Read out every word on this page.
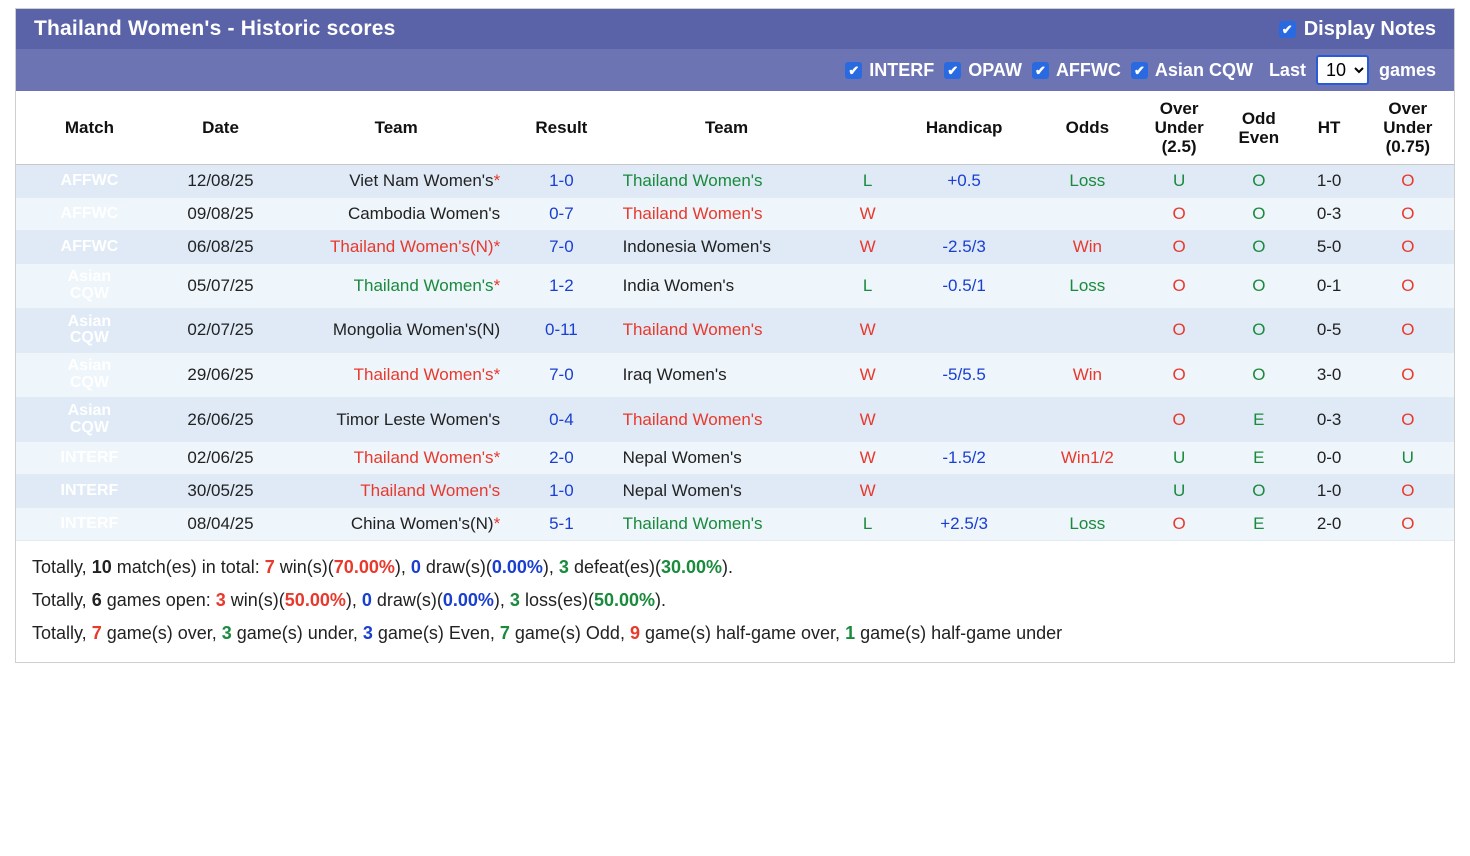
Thailand Women's - Historic scores	✔ Display Notes
✔ INTERF ✔ OPAW ✔ AFFWC ✔ Asian CQW Last
10	games
Match	Date	Team	Result	Team		Handicap	Odds	
Over
Under
(2.5)

Odd
Even
	HT	
Over
Under
(0.75)

AFFWC	12/08/25	Viet Nam Women's*	1-0	Thailand Women's	L	+0.5	Loss	U	O	1-0	O
AFFWC	09/08/25	Cambodia Women's	0-7	Thailand Women's	W			O	O	0-3	O
AFFWC	06/08/25	Thailand Women's(N)*	7-0	Indonesia Women's	W	-2.5/3	Win	O	O	5-0	O
Asian
CQW	05/07/25	Thailand Women's*	1-2	India Women's	L	-0.5/1	Loss	O	O	0-1	O
Asian
CQW	02/07/25	Mongolia Women's(N)	0-11	Thailand Women's	W			O	O	0-5	O
Asian
CQW	29/06/25	Thailand Women's*	7-0	Iraq Women's	W	-5/5.5	Win	O	O	3-0	O
Asian
CQW	26/06/25	Timor Leste Women's	0-4	Thailand Women's	W			O	E	0-3	O
INTERF	02/06/25	Thailand Women's*	2-0	Nepal Women's	W	-1.5/2	Win1/2	U	E	0-0	U
INTERF	30/05/25	Thailand Women's	1-0	Nepal Women's	W			U	O	1-0	O
INTERF	08/04/25	China Women's(N)*	5-1	Thailand Women's	L	+2.5/3	Loss	O	E	2-0	O
Totally, 10 match(es) in total: 7 win(s)(70.00%), 0 draw(s)(0.00%), 3 defeat(es)(30.00%).
Totally, 6 games open: 3 win(s)(50.00%), 0 draw(s)(0.00%), 3 loss(es)(50.00%).
Totally, 7 game(s) over, 3 game(s) under, 3 game(s) Even, 7 game(s) Odd, 9 game(s) half-game over, 1 game(s) half-game under
